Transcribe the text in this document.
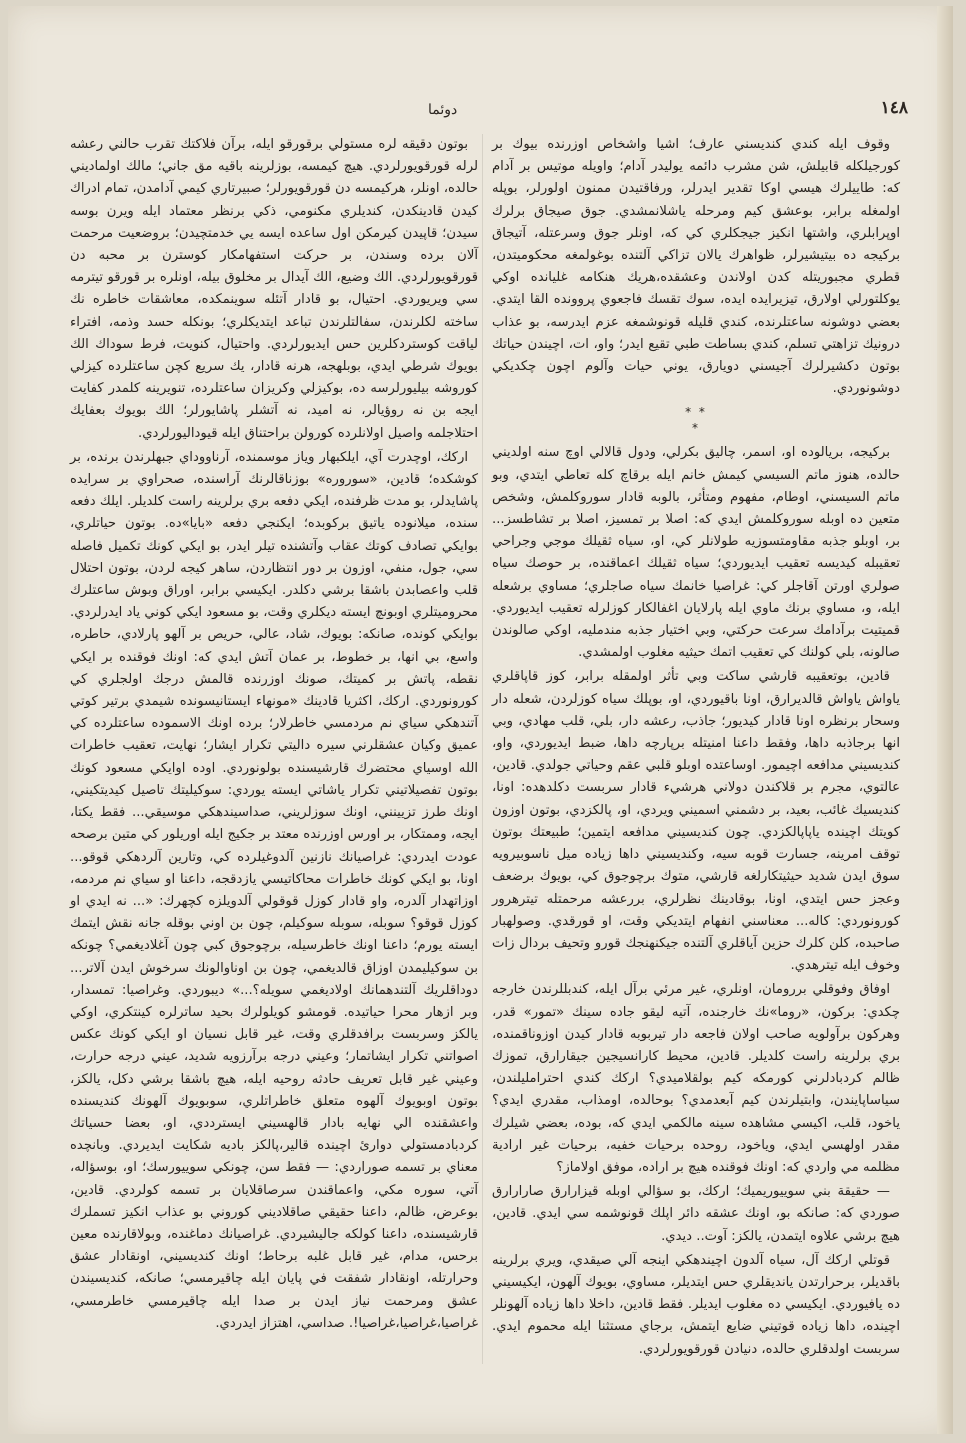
دوئما	١٤٨

وقوف ايله كندي كنديسني عارف؛ اشيا واشخاص اوزرنده بيوك بر كورجيلكله قابيلش، شن مشرب دائمه يوليدر آدام؛ واويله موتيس بر آدام كه: طاييلرك هيسي اوكا تقدير ايدرلر، ورفاقتيدن ممنون اولورلر، بوپله اولمغله برابر، بوعشق كيم ومرحله ياشلانمشدي. جوق صيجاق برلرك اوپرابلري، واشتها انكيز جيجكلري كي كه، اونلر جوق وسرعتله، آتيجاق بركيجه ده بيتيشيرلر، ظواهرك يالان تزاكي آلتنده بوغولمغه محكوميتدن، قطري مجبوريتله كدن اولاندن وعشقده،هريك هنكامه غليانده اوكي يوكلتورلي اولارق، تيزيرايده ايده، سوك تقسك فاجعوي پروونده القا ايتدي. بعضي دوشونه ساعتلرنده، كندي قليله قونوشمغه عزم ايدرسه، بو عذاب درونيك تزاهتي تسلم، كندي بساطت طبي تقيع ايدر؛ واو، ات، اچيندن حياتك بوتون دكشيرلرك آجيسني دويارق، يوني حيات وآلوم اچون چكديكي دوشونوردي.

* *
*

بركيجه، بريالوده او، اسمر، چاليق بكرلي، ودول قالالي اوچ سنه اولديني حالده، هنوز ماتم السيسي كيمش خانم ايله برقاچ كله تعاطي ايتدي، وبو ماتم السيسني، اوطام، مفهوم ومتأثر، بالوبه قادار سوروكلمش، وشخص متعين ده اوبله سوروكلمش ايدي كه: اصلا بر تمسيز، اصلا بر تشاطسز... بر، اوبلو جذبه مقاومتسوزيه طولانلر كي، او، سياه ثقيلك موجي وجراحي تعقيبله كيديسه تعقيب ايديوردي؛ سياه ثقيلك اعماقنده، بر حوصك سياه صولري اورتن آقاجلر كي: غراصيا خانمك سياه صاجلري؛ مساوي برشعله ايله، و، مساوي برنك ماوي ايله پارلايان اغفالكار كوزلرله تعقيب ايديوردي. قميتيت برآدامك سرعت حركتي، وبي اختيار جذبه مندمليه، اوكي صالوندن صالونه، بلي كولنك كي تعقيب اتمك حيثيه مغلوب اولمشدي.

قادين، بوتعقيبه قارشي ساكت وبي تأثر اولمقله برابر، كوز قاپاقلري ياواش ياواش قالديرارق، اونا باقيوردي، او، بوپلك سياه كوزلردن، شعله دار وسحار برنظره اونا قادار كيديور؛ جاذب، رعشه دار، بلي، قلب مهادي، وبي انها برجاذبه داها، وفقط داعنا امنيتله برپارچه داها، ضبط ايديوردي، واو، كنديسيني مدافعه اچيمور. اوساعتده اوبلو قلبي عقم وحياتي جولدي. قادين، عالتوي، مجرم بر قلاكندن دولاني هرشيء قادار سربست دكلدهده: اونا، كنديسيك غائب، بعيد، بر دشمني اسميني ويردي، او، پالكزدي، بوتون اوزون كويتك اچينده ياپاپالكزدي. چون كنديسيني مدافعه ايتمين؛ طبيعتك بوتون توقف امرينه، جسارت قوبه سيه، وكنديسيني داها زياده ميل ناسوبيرويه سوق ايدن شديد حيثيتكارلغه قارشي، متوك برچوجوق كي، بويوك برضعف وعجز حس ايتدي، اونا، بوقادينك نظرلري، بررعشه مرحمتله تيترهرور كورونوردي: كاله... معناسني انفهام ايتديكي وقت، او قورقدي. وصولهبار صاحبده، كلن كلرك حزين آياقلري آلتنده جيكنهنجك قورو وتحيف بردال زات وخوف ايله تيترهدي.

اوفاق وفوقلي بررومان، اونلري، غير مرئي برآل ايله، كندبللرندن خارجه چكدي: بركون، «روما»نك خارجنده، آتيه ليقو جاده سينك «تمور» قدر، وهركون برآولويه صاحب اولان فاجعه دار تيربوبه قادار كيدن اوزوناقمنده، بري برلرينه راست كلديلر. قادين، محيط كارانسيجين جيقارارق، تموزك ظالم كردبادلرني كورمكه كيم بولقلاميدي؟ اركك كندي احترامليلندن، سياساپايندن، وابتيلرندن كيم آبعدمدي؟ بوحالده، اومذاب، مقدري ايدي؟ ياخود، قلب، اكيسي مشاهده سينه مالكمي ايدي كه، بوده، بعضي شيلرك مقدر اولهسي ايدي، وياخود، روحده برحيات خفيه، برحيات غير ارادية مظلمه مي واردي كه: اونك فوقنده هيچ بر اراده، موفق اولاماز؟

— حقيقة بني سوييوريميك؛ اركك، بو سؤالي اوبله قيزارارق صارارارق صوردي كه: صانكه بو، اونك عشقه دائر اپلك قونوشمه سي ايدي. قادين، هيچ برشي علاوه ايتمدن، يالكز: آوت.. ديدي.

قوتلي اركك آل، سياه آلدون اچيندهكي اينجه آلي صيقدي، ويري برلرينه باقديلر، برحرارتدن يانديقلري حس ايتديلر، مساوي، بويوك آلهون، ايكيسيني ده يافيوردي. ايكيسي ده مغلوب ايديلر. فقط قادين، داخلا داها زياده آلهونلر اچينده، داها زياده قوتيني ضايع ايتمش، برجاي مستثنا ايله محموم ايدي. سربست اولدقلري حالده، دنيادن قورقويورلردي.

بوتون دقيقه لره مستولي برقورقو ايله، برآن فلاكتك تقرب حالني رعشه لرله قورقويورلردي. هيچ كيمسه، بوزلرينه باقيه مق جاني؛ مالك اولماديني حالده، اونلر، هركيمسه دن قورقويورلر؛ صبيرتاري كيمي آدامدن، تمام ادراك كيدن قادينكدن، كنديلري مكنومي، ذكي برنظر معتماد ايله ويرن بوسه سيدن؛ قاپيدن كيرمكن اول ساعده ايسه يي خدمتچيدن؛ بروضعيت مرحمت آلان برده وسندن، بر حركت استفهامكار كوسترن بر محبه دن قورقويورلردي. الك وضيع، الك آيدال بر مخلوق بيله، اونلره بر قورقو تيترمه سي ويريوردي. احتيال، بو قادار آتئله سوينمكده، معاشقات خاطره نك ساخته لكلرندن، سفالتلرندن تباعد ايتديكلري؛ بونكله حسد وذمه، افتراء لياقت كوستردكلرين حس ايديورلردي. واحتيال، كنويت، فرط سوداك الك بويوك شرطي ايدي، بوبلهجه، هرنه قادار، يك سريع كچن ساعتلرده كيزلي كوروشه بيليورلرسه ده، بوكيزلي وكريزان ساعتلرده، تنويرينه كلمدر كفايت ايجه بن نه روؤيالر، نه اميد، نه آتشلر پاشايورلر؛ الك بويوك بعفايك احتلاجلمه واصيل اولانلرده كورولن براحتناق ايله قيوداليورلردي.

اركك، اوچدرت آي، ايلكبهار وياز موسمنده، آرناووداي جبهلرندن برنده، بر كوشكده؛ قادين، «سوروره» بوزناقالرنك آراسنده، صحراوي بر سرايده پاشايدلر، بو مدت ظرفنده، ايكي دفعه بري برلرينه راست كلديلر. ايلك دفعه سنده، ميلانوده ياتيق بركوبده؛ ايكنجي دفعه «بايا»ده. بوتون حياتلري، بوايكي تصادف كوتك عقاب وآتشنده تيلر ايدر، بو ايكي كونك تكميل فاصله سي، جول، منفي، اوزون بر دور انتظاردن، ساهر كيجه لردن، بوتون احتلال قلب واعصابدن باشقا برشي دكلدر. ايكيسي برابر، اوراق وبوش ساعتلرك محروميتلري اوبونچ ايسته ديكلري وقت، بو مسعود ايكي كوني ياد ايدرلردي. بوايكي كونده، صانكه: بويوك، شاد، عالي، حريص بر آلهو پارلادي، حاطره، واسع، بي انها، بر خطوط، بر عمان آتش ايدي كه: اونك فوقنده بر ايكي نقطه، پاتش بر كميتك، صونك اوزرنده قالمش درجك اولجلري كي كورونوردي. اركك، اكثريا قادينك «مونهاء ايستانيسونده شيمدي برتير كوتي آتندهكي سياي نم مردمسي خاطرلار؛ برده اونك الاسموده ساعتلرده كي عميق وكيان عشقلرني سيره داليتي تكرار ايشار؛ نهايت، تعقيب خاطرات الله اوسياي محتضرك قارشيسنده بولونوردي. اوده اوايكي مسعود كونك بوتون تفصيلاتيني تكرار ياشاتي ايسته يوردي: سوكيليتك تاصيل كيديتكيني، اونك طرز تزيينني، اونك سوزلريني، صداسيندهكي موسيقي... فقط يكتا، ايجه، وممتكار، بر اورس اوزرنده معتد بر جكيج ايله اوريلور كي متين برصحه عودت ايدردي: غراصيانك نازنين آلدوغيلرده كي، وتارين آلردهكي قوقو... اونا، بو ايكي كونك خاطرات محاكاتيسي يازدقجه، داعنا او سياي نم مردمه، اوزاتهدار آلدره، واو قادار كوزل قوقولي آلدويلزه كچهرك: «... نه ايدي او كوزل قوقو؟ سوبله، سوبله سوكيلم، چون بن اوني بوقله جانه نقش ايتمك ايسته يورم؛ داعنا اونك خاطرسيله، برچوجوق كبي چون آغلاديغمي؟ چونكه بن سوكيليمدن اوزاق قالديغمي، چون بن اوناوالونك سرخوش ايدن آلاتر... دوداقلريك آلتندهمانك اولاديغمي سويله؟...» ديبوردي. وغراصيا: تمسدار، وبر ازهار محرا حياتيده. قومشو كويلولرك بحيد ساترلره كينتكري، اوكي يالكز وسربست برافدقلري وقت، غير قابل نسيان او ايكي كونك عكس اصواتني تكرار ايشاتمار؛ وعيني درجه برآرزويه شديد، عيني درجه حرارت، وعيني غير قابل تعريف حادثه روحيه ايله، هيچ باشقا برشي دكل، يالكز، بوتون اوبويوك آلهوه متعلق خاطراتلري، سوبويوك آلهونك كنديسنده واعشقنده الي نهايه بادار قالهسيني ايسترددي، او، بعضا حسياتك كردبادمستولي دوارئ اچينده قالير،پالكز باديه شكايت ايديردي. وبانچده معناي بر تسمه صوراردي: — فقط سن، چونكي سوييورسك؛ او، بوسؤاله، آتي، سوره مكي، واعماقندن سرصاقلايان بر تسمه كولردي. قادين، بوعرض، ظالم، داعنا حقيقي صاقلاديني كوروني بو عذاب انكيز تسملرك قارشيسنده، داعنا كولكه جاليشيردي. غراصيانك دماغنده، وبولاقارنده معين برحس، مدام، غير قابل غلبه برحاط؛ اونك كنديسيني، اونقادار عشق وحرارتله، اونقادار شفقت في پايان ايله چاقيرمسي؛ صانكه، كنديسيندن عشق ومرحمت نياز ايدن بر صدا ايله چاقيرمسي خاطرمسي، غراصيا،غراصيا،غراصيا!. صداسي، اهتزاز ايدردي.
